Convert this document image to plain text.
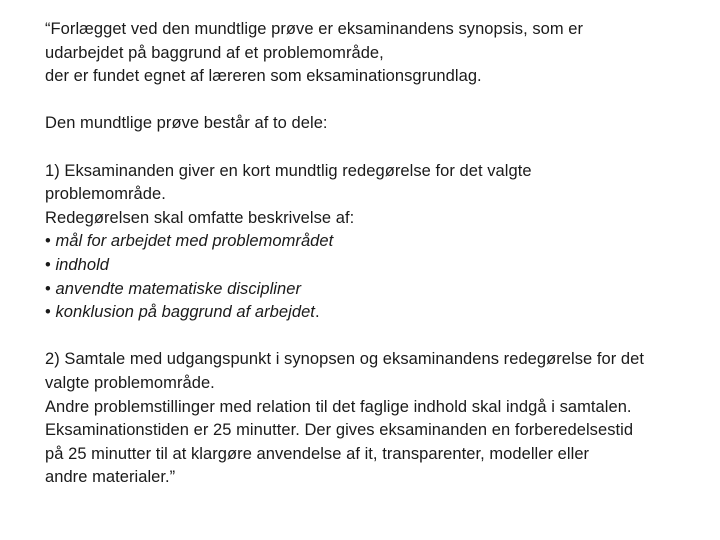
“Forlægget ved den mundtlige prøve er eksaminandens synopsis, som er
udarbejdet på baggrund af et problemområde,
der er fundet egnet af læreren som eksaminationsgrundlag.
Den mundtlige prøve består af to dele:
1) Eksaminanden giver en kort mundtlig redegørelse for det valgte
problemområde.
Redegørelsen skal omfatte beskrivelse af:
• mål for arbejdet med problemområdet
• indhold
• anvendte matematiske discipliner
• konklusion på baggrund af arbejdet.
2) Samtale med udgangspunkt i synopsen og eksaminandens redegørelse for det
valgte problemområde.
Andre problemstillinger med relation til det faglige indhold skal indgå i samtalen.
Eksaminationstiden er 25 minutter. Der gives eksaminanden en forberedelsestid
på 25 minutter til at klargøre anvendelse af it, transparenter, modeller eller
andre materialer.”
